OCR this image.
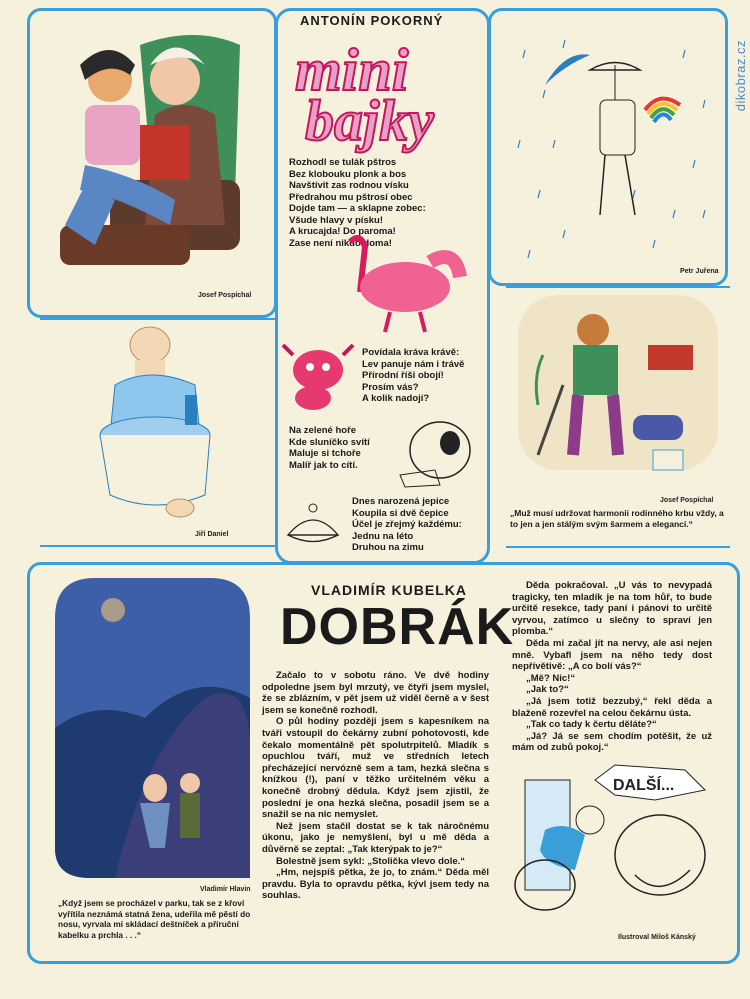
dikobraz.cz
Josef Pospíchal
Jiří Daniel
ANTONÍN POKORNÝ
mini
bajky
Rozhodl se tulák pštros
Bez klobouku plonk a bos
Navštívit zas rodnou vísku
Předrahou mu pštrosí obec
Dojde tam — a sklapne zobec:
Všude hlavy v písku!
A krucajda! Do paroma!
Zase není nikdo doma!
Povídala kráva krávě:
Lev panuje nám i trávě
Přírodní říši obojí!
Prosím vás?
A kolik nadojí?
Na zelené hoře
Kde sluníčko svítí
Maluje si tchoře
Malíř jak to cítí.
Dnes narozená jepice
Koupila si dvě čepice
Účel je zřejmý každému:
Jednu na léto
Druhou na zimu
Petr Juřena
Josef Pospíchal
„Muž musí udržovat harmonii rodinného krbu vždy, a to jen a jen stálým svým šarmem a elegancí.“
Vladimír Hlavin
„Když jsem se procházel v parku, tak se z křoví vyřítila neznámá statná žena, udeřila mě pěstí do nosu, vyrvala mi skládací deštníček a příruční kabelku a prchla . . .“
VLADIMÍR KUBELKA
DOBRÁK

Začalo to v sobotu ráno. Ve dvě hodiny odpoledne jsem byl mrzutý, ve čtyři jsem myslel, že se zblázním, v pět jsem už viděl černě a v šest jsem se konečně rozhodl.

O půl hodiny později jsem s kapesníkem na tváři vstoupil do čekárny zubní pohotovosti, kde čekalo momentálně pět spolutrpitelů. Mladík s opuchlou tváří, muž ve středních letech přecházející nervózně sem a tam, hezká slečna s knížkou (!), paní v těžko určitelném věku a konečně drobný dědula. Když jsem zjistil, že poslední je ona hezká slečna, posadil jsem se a snažil se na nic nemyslet.

Než jsem stačil dostat se k tak náročnému úkonu, jako je nemyšlení, byl u mě děda a důvěrně se zeptal: „Tak kterýpak to je?“

Bolestně jsem sykl: „Stolička vlevo dole.“

„Hm, nejspíš pětka, že jo, to znám.“ Děda měl pravdu. Byla to opravdu pětka, kývl jsem tedy na souhlas.

Děda pokračoval. „U vás to nevypadá tragicky, ten mladík je na tom hůř, to bude určitě resekce, tady paní i pánovi to určitě vyrvou, zatímco u slečny to spraví jen plomba.“

Děda mi začal jít na nervy, ale asi nejen mně. Vybafl jsem na něho tedy dost nepřívětivě: „A co bolí vás?“

„Mě? Nic!“

„Jak to?“

„Já jsem totiž bezzubý,“ řekl děda a blaženě rozevřel na celou čekárnu ústa.

„Tak co tady k čertu děláte?“

„Já? Já se sem chodím potěšit, že už mám od zubů pokoj.“

DALŠÍ...
Ilustroval Miloš Kánský
